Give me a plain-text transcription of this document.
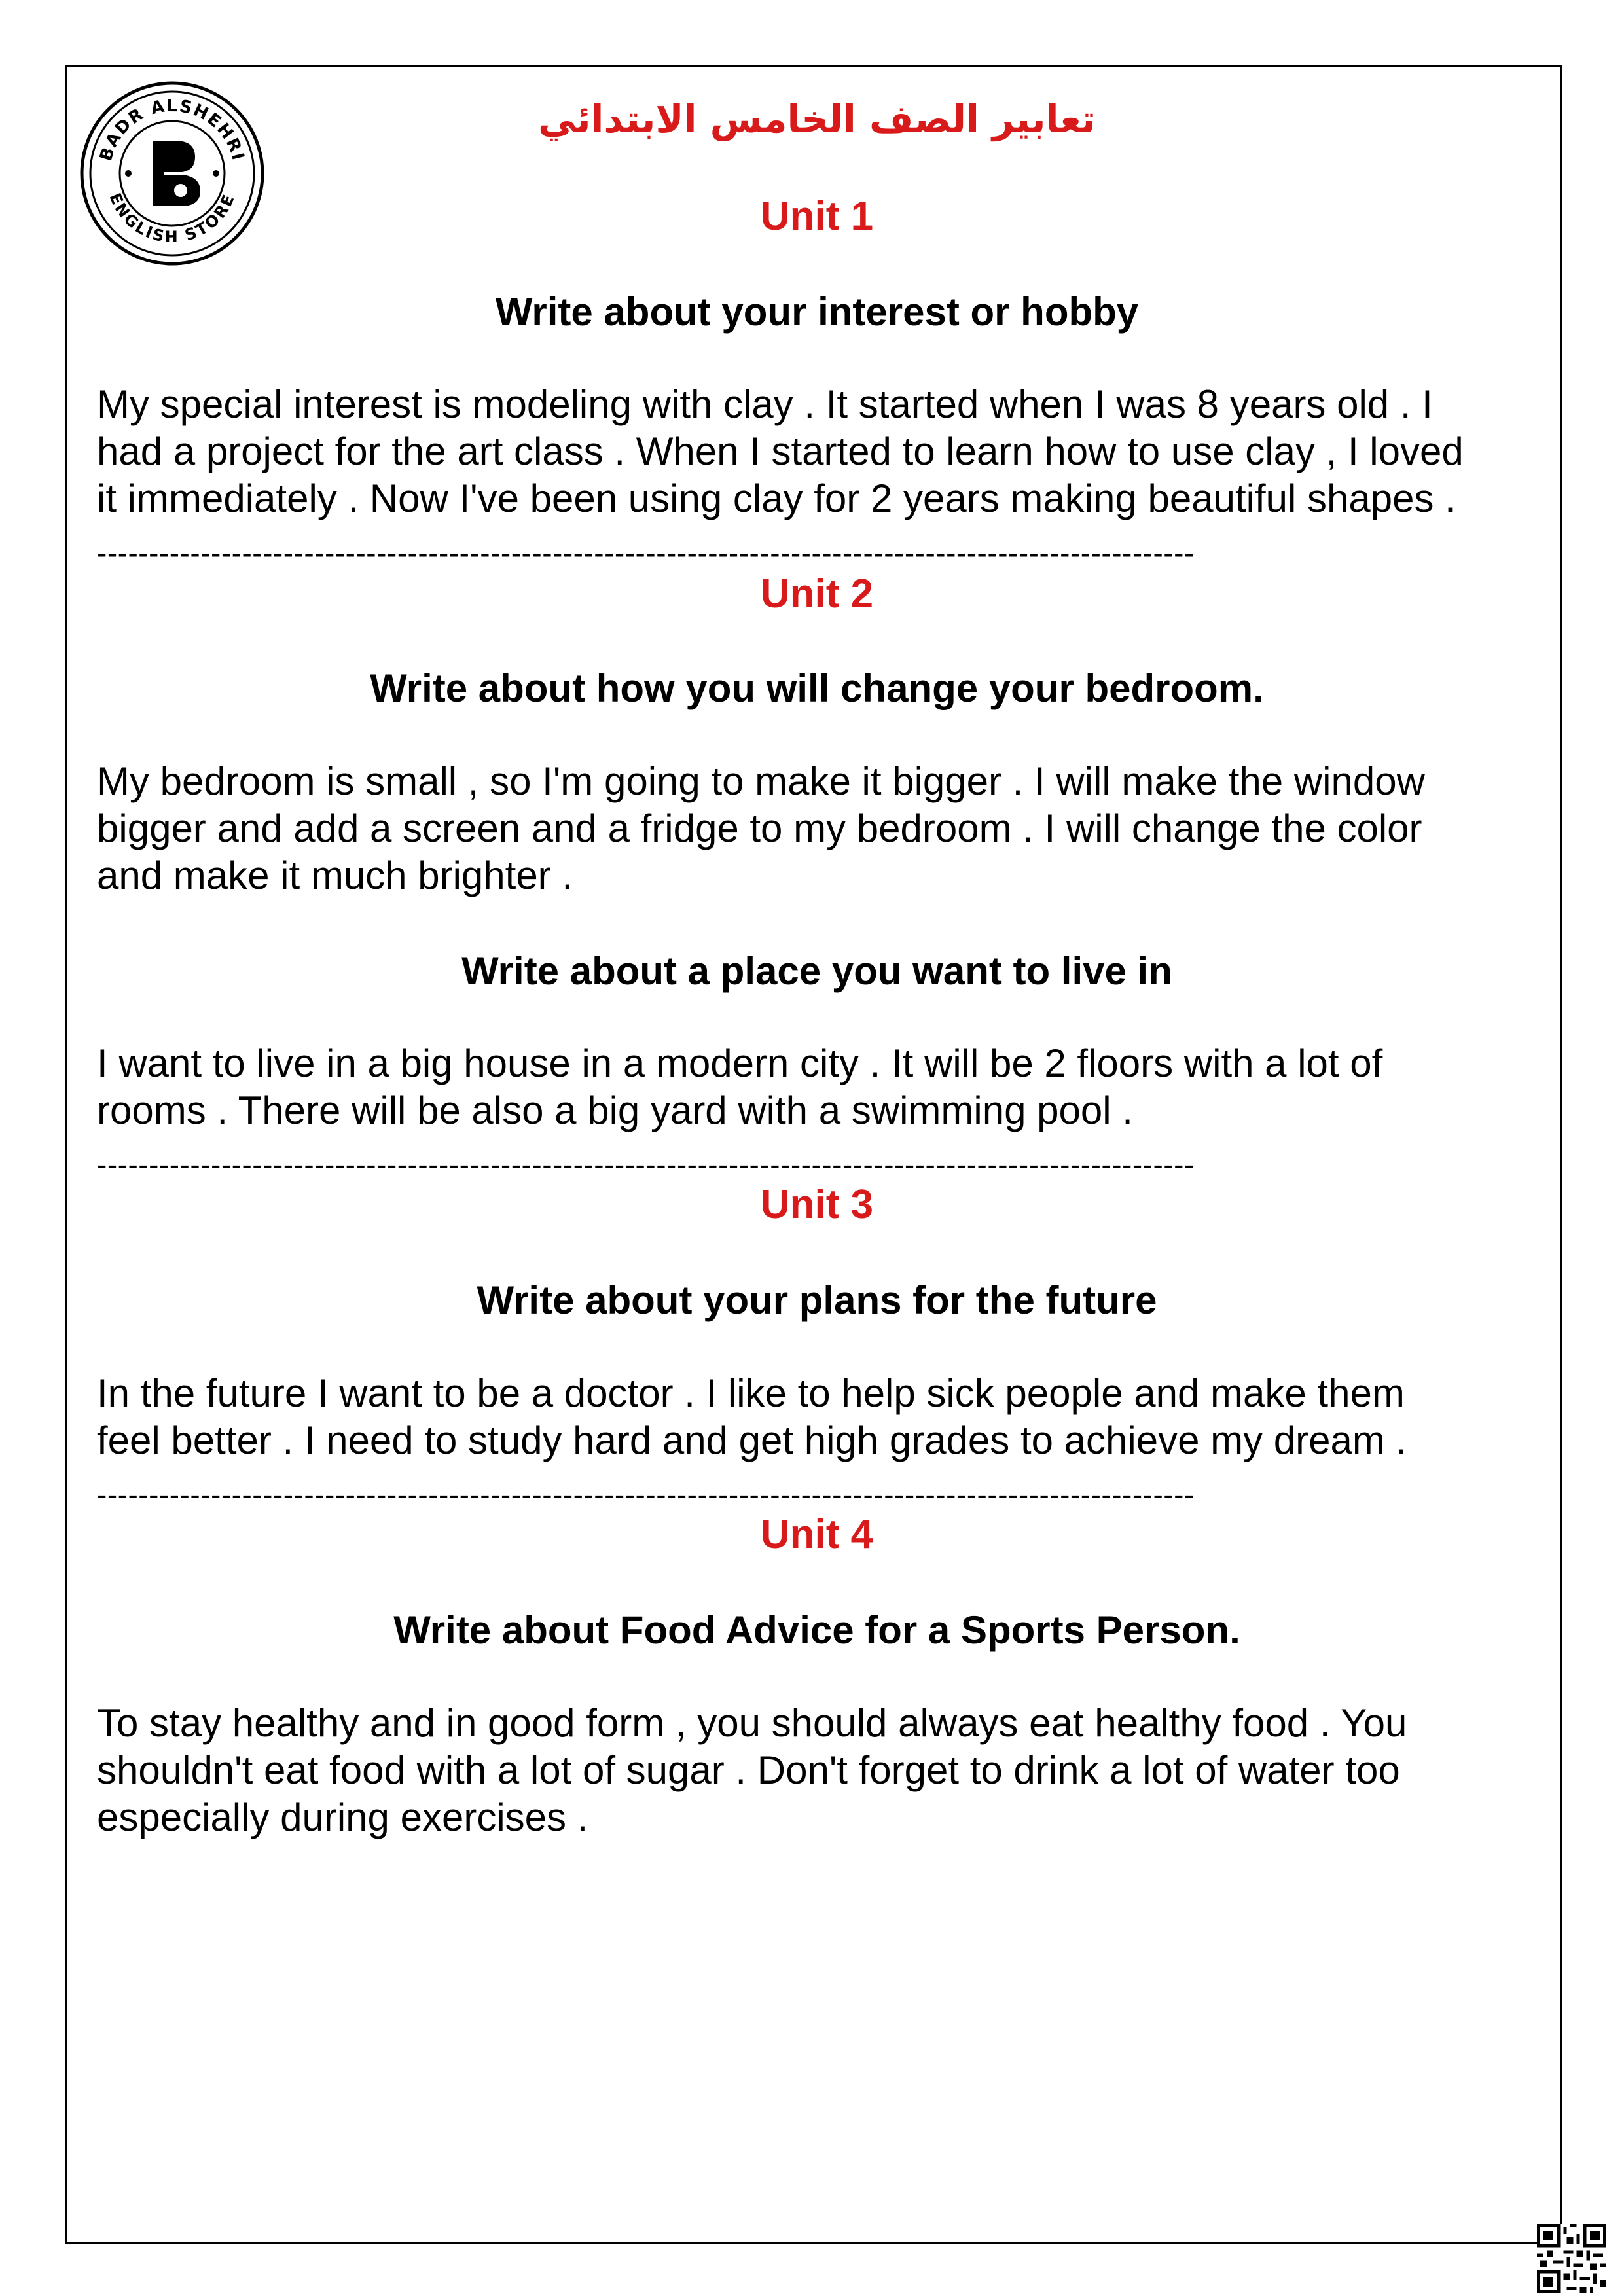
BADR ALSHEHRI
ENGLISH STORE
تعابير الصف الخامس الابتدائي
Unit 1
Write about your interest or hobby
My special interest is modeling with clay . It started when I was 8 years old . I
had a project for the art class . When I started to learn how to use clay , I loved
it immediately . Now I've been using clay for 2 years making beautiful shapes .
----------------------------------------------------------------------------------------------------------
Unit 2
Write about how you will change your bedroom.
My bedroom is small , so I'm going to make it bigger . I will make the window
bigger and add a screen and a fridge to my bedroom . I will change the color
and make it much brighter .
Write about a place you want to live in
I want to live in a big house in a modern city . It will be 2 floors with a lot of
rooms . There will be also a big yard with a swimming pool .
----------------------------------------------------------------------------------------------------------
Unit 3
Write about your plans for the future
In the future I want to be a doctor . I like to help sick people and make them
feel better . I need to study hard and get high grades to achieve my dream .
----------------------------------------------------------------------------------------------------------
Unit 4
Write about Food Advice for a Sports Person.
To stay healthy and in good form , you should always eat healthy food . You
shouldn't eat food with a lot of sugar . Don't forget to drink a lot of water too
especially during exercises .
